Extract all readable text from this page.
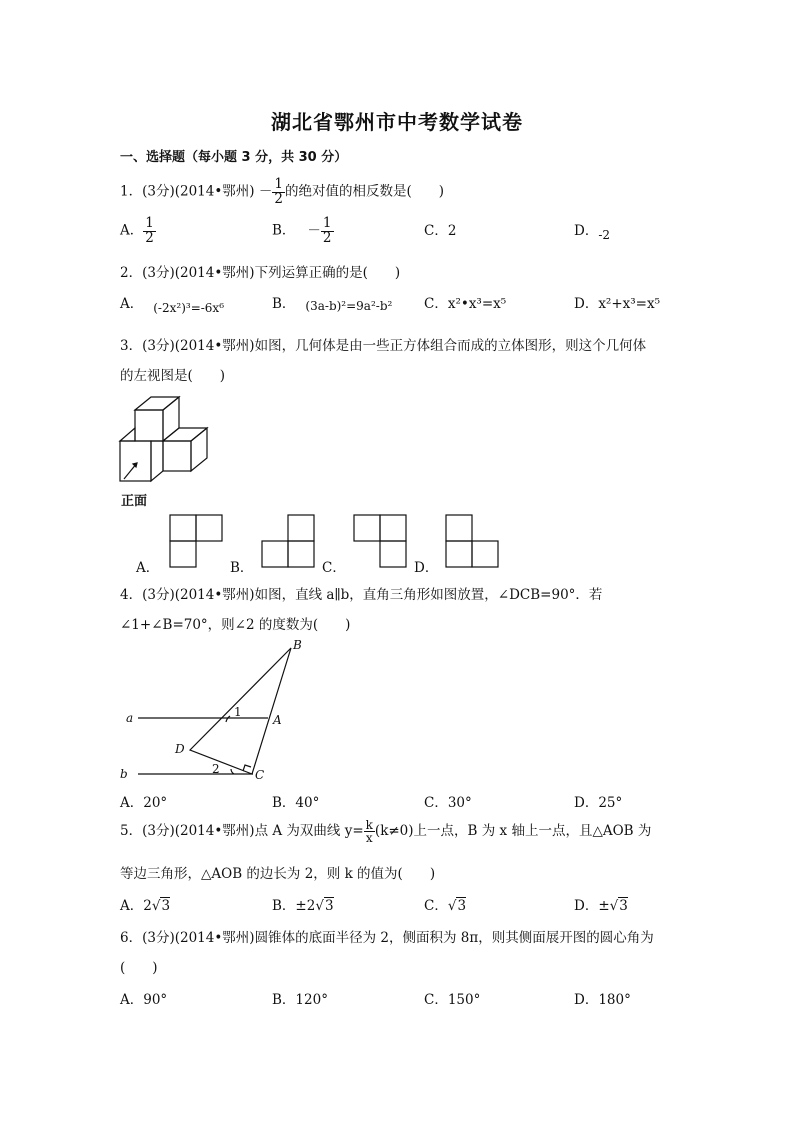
湖北省鄂州市中考数学试卷
一、选择题（每小题 3 分，共 30 分）
1．(3分)(2014•鄂州) － $\frac{1}{2}$ 的绝对值的相反数是(　　)
A． $\frac{1}{2}$	B． － $\frac{1}{2}$	C．2	D．-2
2．(3分)(2014•鄂州)下列运算正确的是(　　)
A． (-2x²)³=-6x⁶	B． (3a-b)²=9a²-b² C．x²•x³=x⁵	D．x²+x³=x⁵
3．(3分)(2014•鄂州)如图，几何体是由一些正方体组合而成的立体图形，则这个几何体
的左视图是(　　)
正面
A．	B．	C．	D．
4．(3分)(2014•鄂州)如图，直线 a∥b，直角三角形如图放置，∠DCB=90°．若
∠1+∠B=70°，则∠2 的度数为(　　)
B
a	A
D
b	C
1
2
A．20°	B．40°	C．30°	D．25°
5．(3分)(2014•鄂州)点 A 为双曲线 $y= \frac{k}{x} (k\ne 0)$上一点，B 为 x 轴上一点，且△AOB 为
等边三角形，△AOB 的边长为 2，则 k 的值为(　　)
A．2√3	B．±2√3	C．√3	D．±√3
6．(3分)(2014•鄂州)圆锥体的底面半径为 2，侧面积为 8π，则其侧面展开图的圆心角为
(　　)
A．90°	B．120°	C．150°	D．180°
